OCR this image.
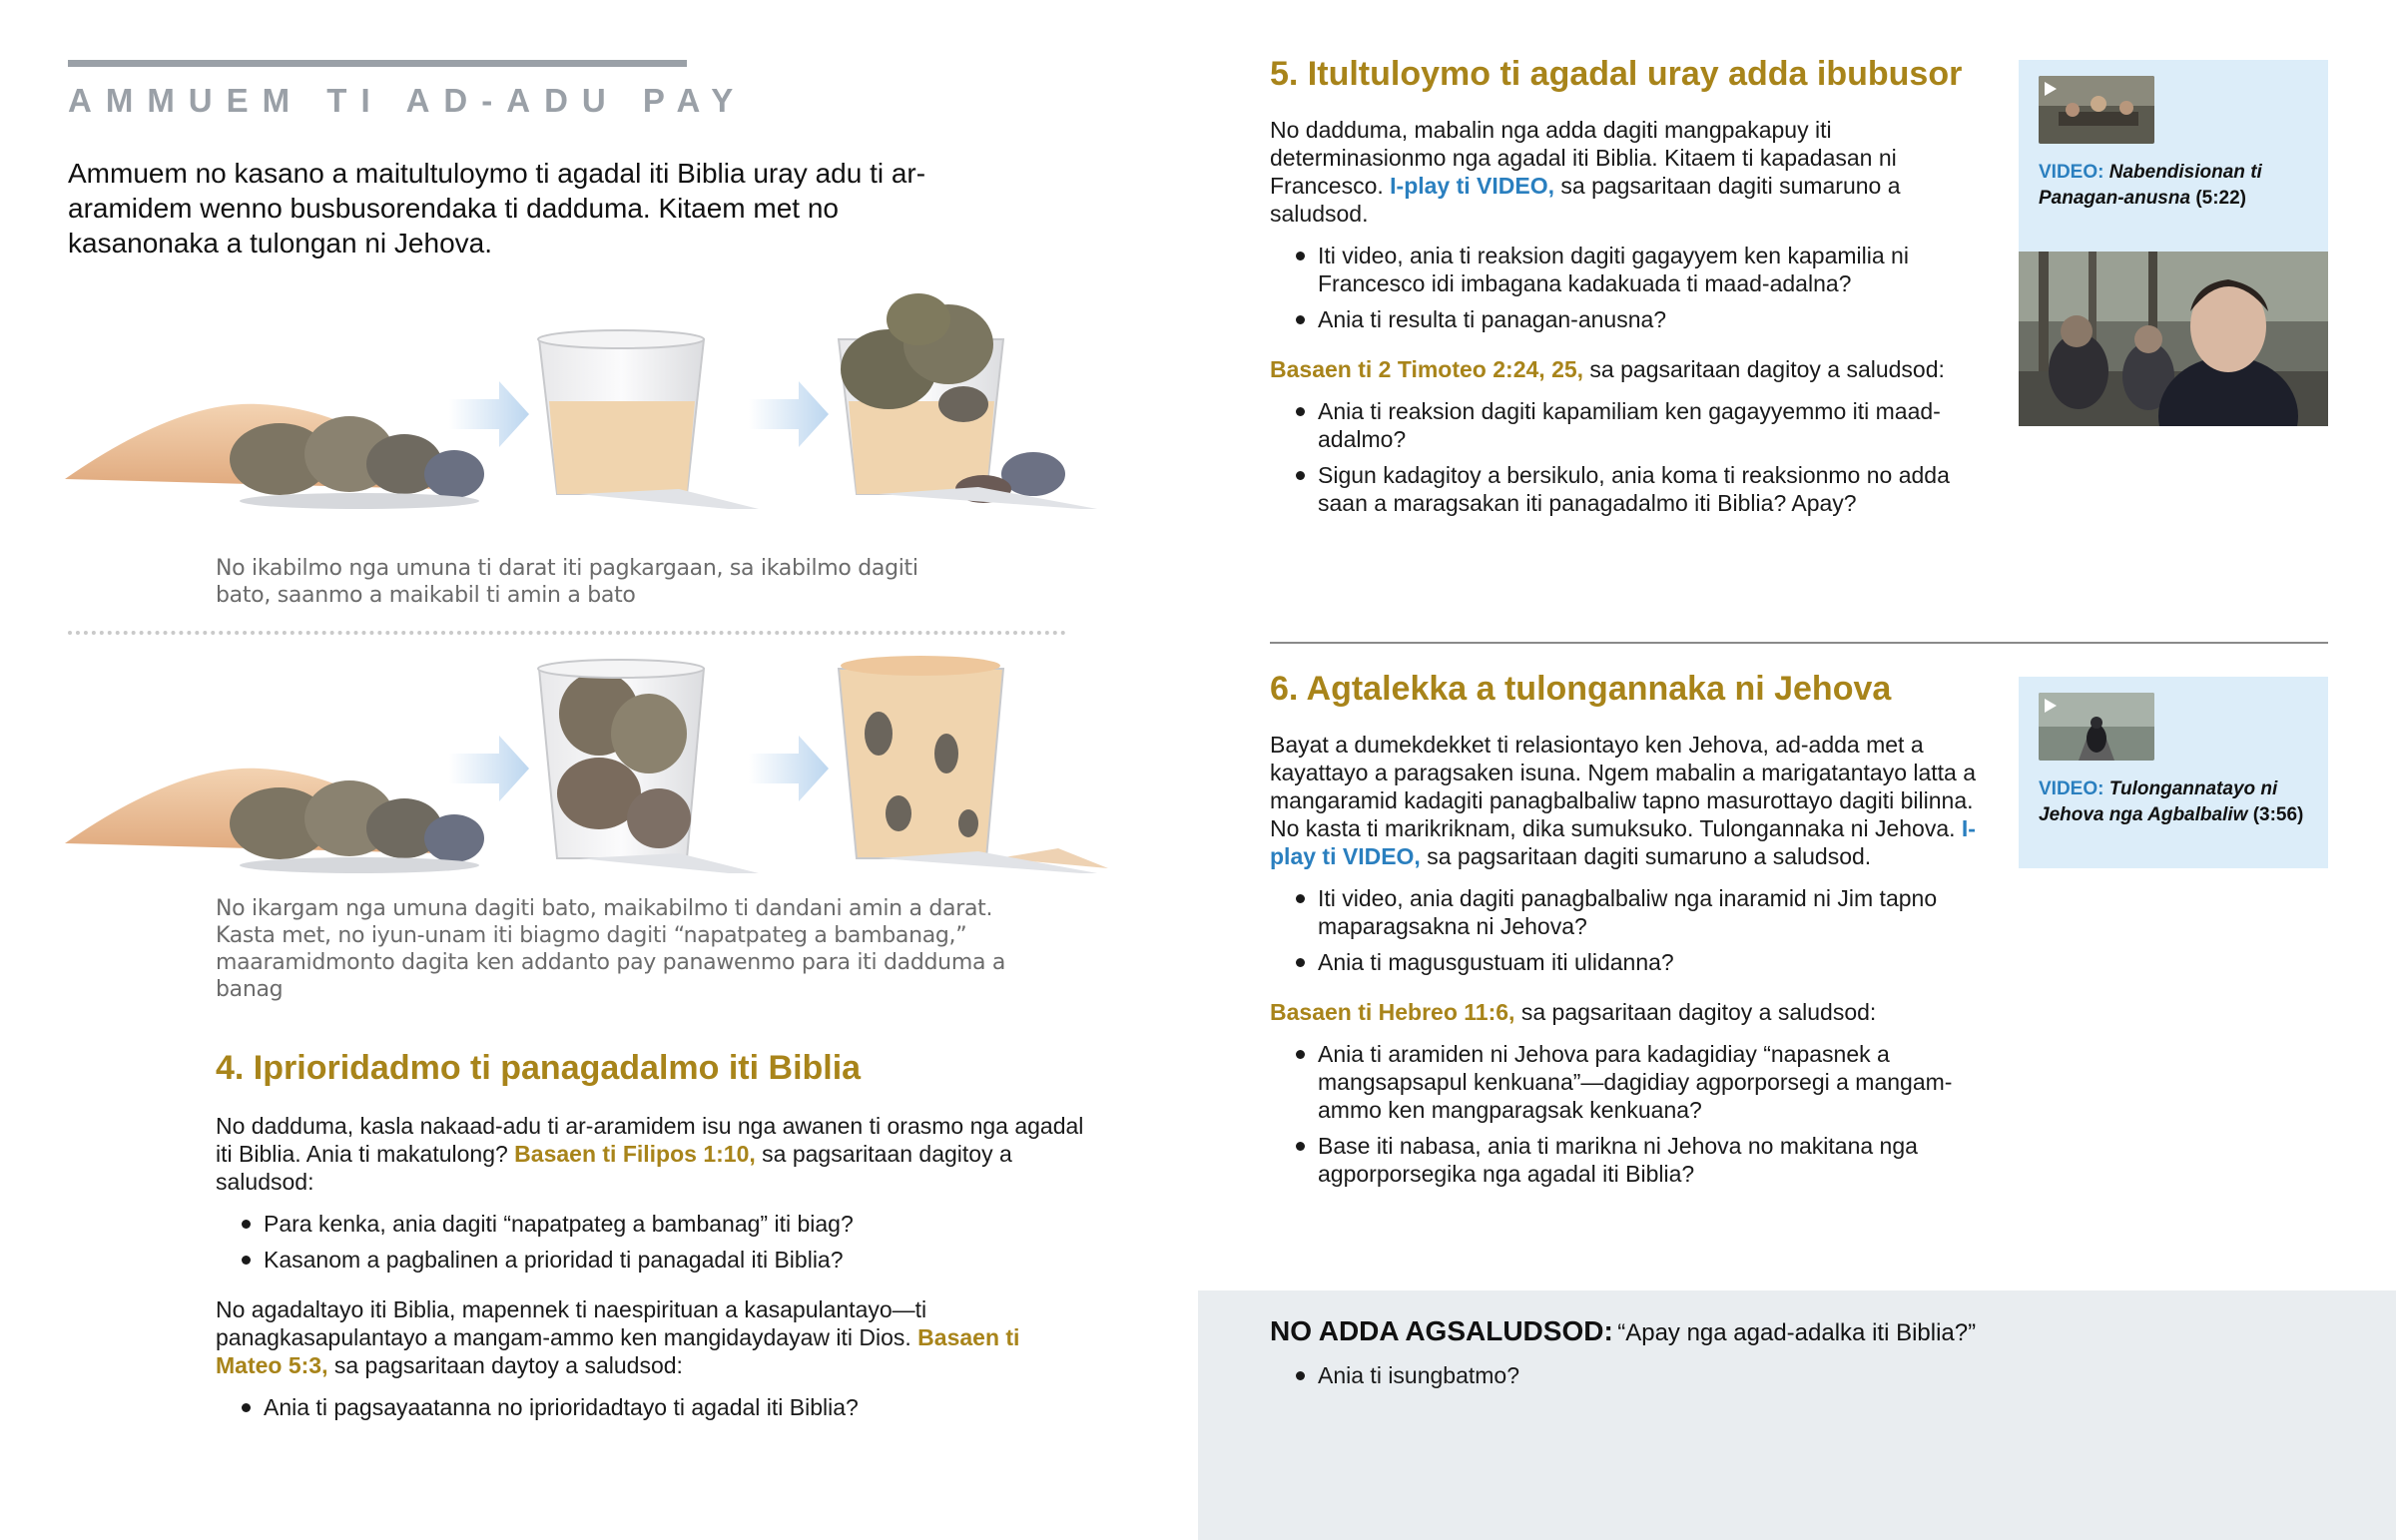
AMMUEM TI AD-ADU PAY
Ammuem no kasano a maitultuloymo ti agadal iti Biblia uray adu ti ar-aramidem wenno busbusorendaka ti dadduma. Kitaem met no kasanonaka a tulongan ni Jehova.
No ikabilmo nga umuna ti darat iti pagkargaan, sa ikabilmo dagiti bato, saanmo a maikabil ti amin a bato
No ikargam nga umuna dagiti bato, maikabilmo ti dandani amin a darat. Kasta met, no iyun-unam iti biagmo dagiti “napatpateg a bambanag,” maaramidmonto dagita ken addanto pay panawenmo para iti dadduma a banag
4. Iprioridadmo ti panagadalmo iti Biblia

No dadduma, kasla nakaad-adu ti ar-aramidem isu nga awanen ti orasmo nga agadal iti Biblia. Ania ti makatulong? Basaen ti Filipos 1:10, sa pagsaritaan dagitoy a saludsod:

Para kenka, ania dagiti “napatpateg a bambanag” iti biag?
Kasanom a pagbalinen a prioridad ti panagadal iti Biblia?

No agadaltayo iti Biblia, mapennek ti naespirituan a kasapulantayo—ti panagkasapulantayo a mangam-ammo ken mangidaydayaw iti Dios. Basaen ti Mateo 5:3, sa pagsaritaan daytoy a saludsod:

Ania ti pagsayaatanna no iprioridadtayo ti agadal iti Biblia?
5. Itultuloymo ti agadal uray adda ibubusor

No dadduma, mabalin nga adda dagiti mangpakapuy iti determinasionmo nga agadal iti Biblia. Kitaem ti kapadasan ni Francesco. I-play ti VIDEO, sa pagsaritaan dagiti sumaruno a saludsod.

Iti video, ania ti reaksion dagiti gagayyem ken kapamilia ni Francesco idi imbagana kadakuada ti maad-adalna?
Ania ti resulta ti panagan-anusna?

Basaen ti 2 Timoteo 2:24, 25, sa pagsaritaan dagitoy a saludsod:

Ania ti reaksion dagiti kapamiliam ken gagayyemmo iti maad-adalmo?
Sigun kadagitoy a bersikulo, ania koma ti reaksionmo no adda saan a maragsakan iti panagadalmo iti Biblia? Apay?
VIDEO: Nabendisionan ti Panagan-anusna (5:22)
6. Agtalekka a tulongannaka ni Jehova

Bayat a dumekdekket ti relasiontayo ken Jehova, ad-adda met a kayattayo a paragsaken isuna. Ngem mabalin a marigatantayo latta a mangaramid kadagiti panagbalbaliw tapno masurottayo dagiti bilinna. No kasta ti marikriknam, dika sumuksuko. Tulongannaka ni Jehova. I-play ti VIDEO, sa pagsaritaan dagiti sumaruno a saludsod.

Iti video, ania dagiti panagbalbaliw nga inaramid ni Jim tapno maparagsakna ni Jehova?
Ania ti magusgustuam iti ulidanna?

Basaen ti Hebreo 11:6, sa pagsaritaan dagitoy a saludsod:

Ania ti aramiden ni Jehova para kadagidiay “napasnek a mangsapsapul kenkuana”—dagidiay agporporsegi a mangam-ammo ken mangparagsak kenkuana?
Base iti nabasa, ania ti marikna ni Jehova no makitana nga agporporsegika nga agadal iti Biblia?
VIDEO: Tulongannatayo ni Jehova nga Agbalbaliw (3:56)
NO ADDA AGSALUDSOD: “Apay nga agad-adalka iti Biblia?”
Ania ti isungbatmo?
